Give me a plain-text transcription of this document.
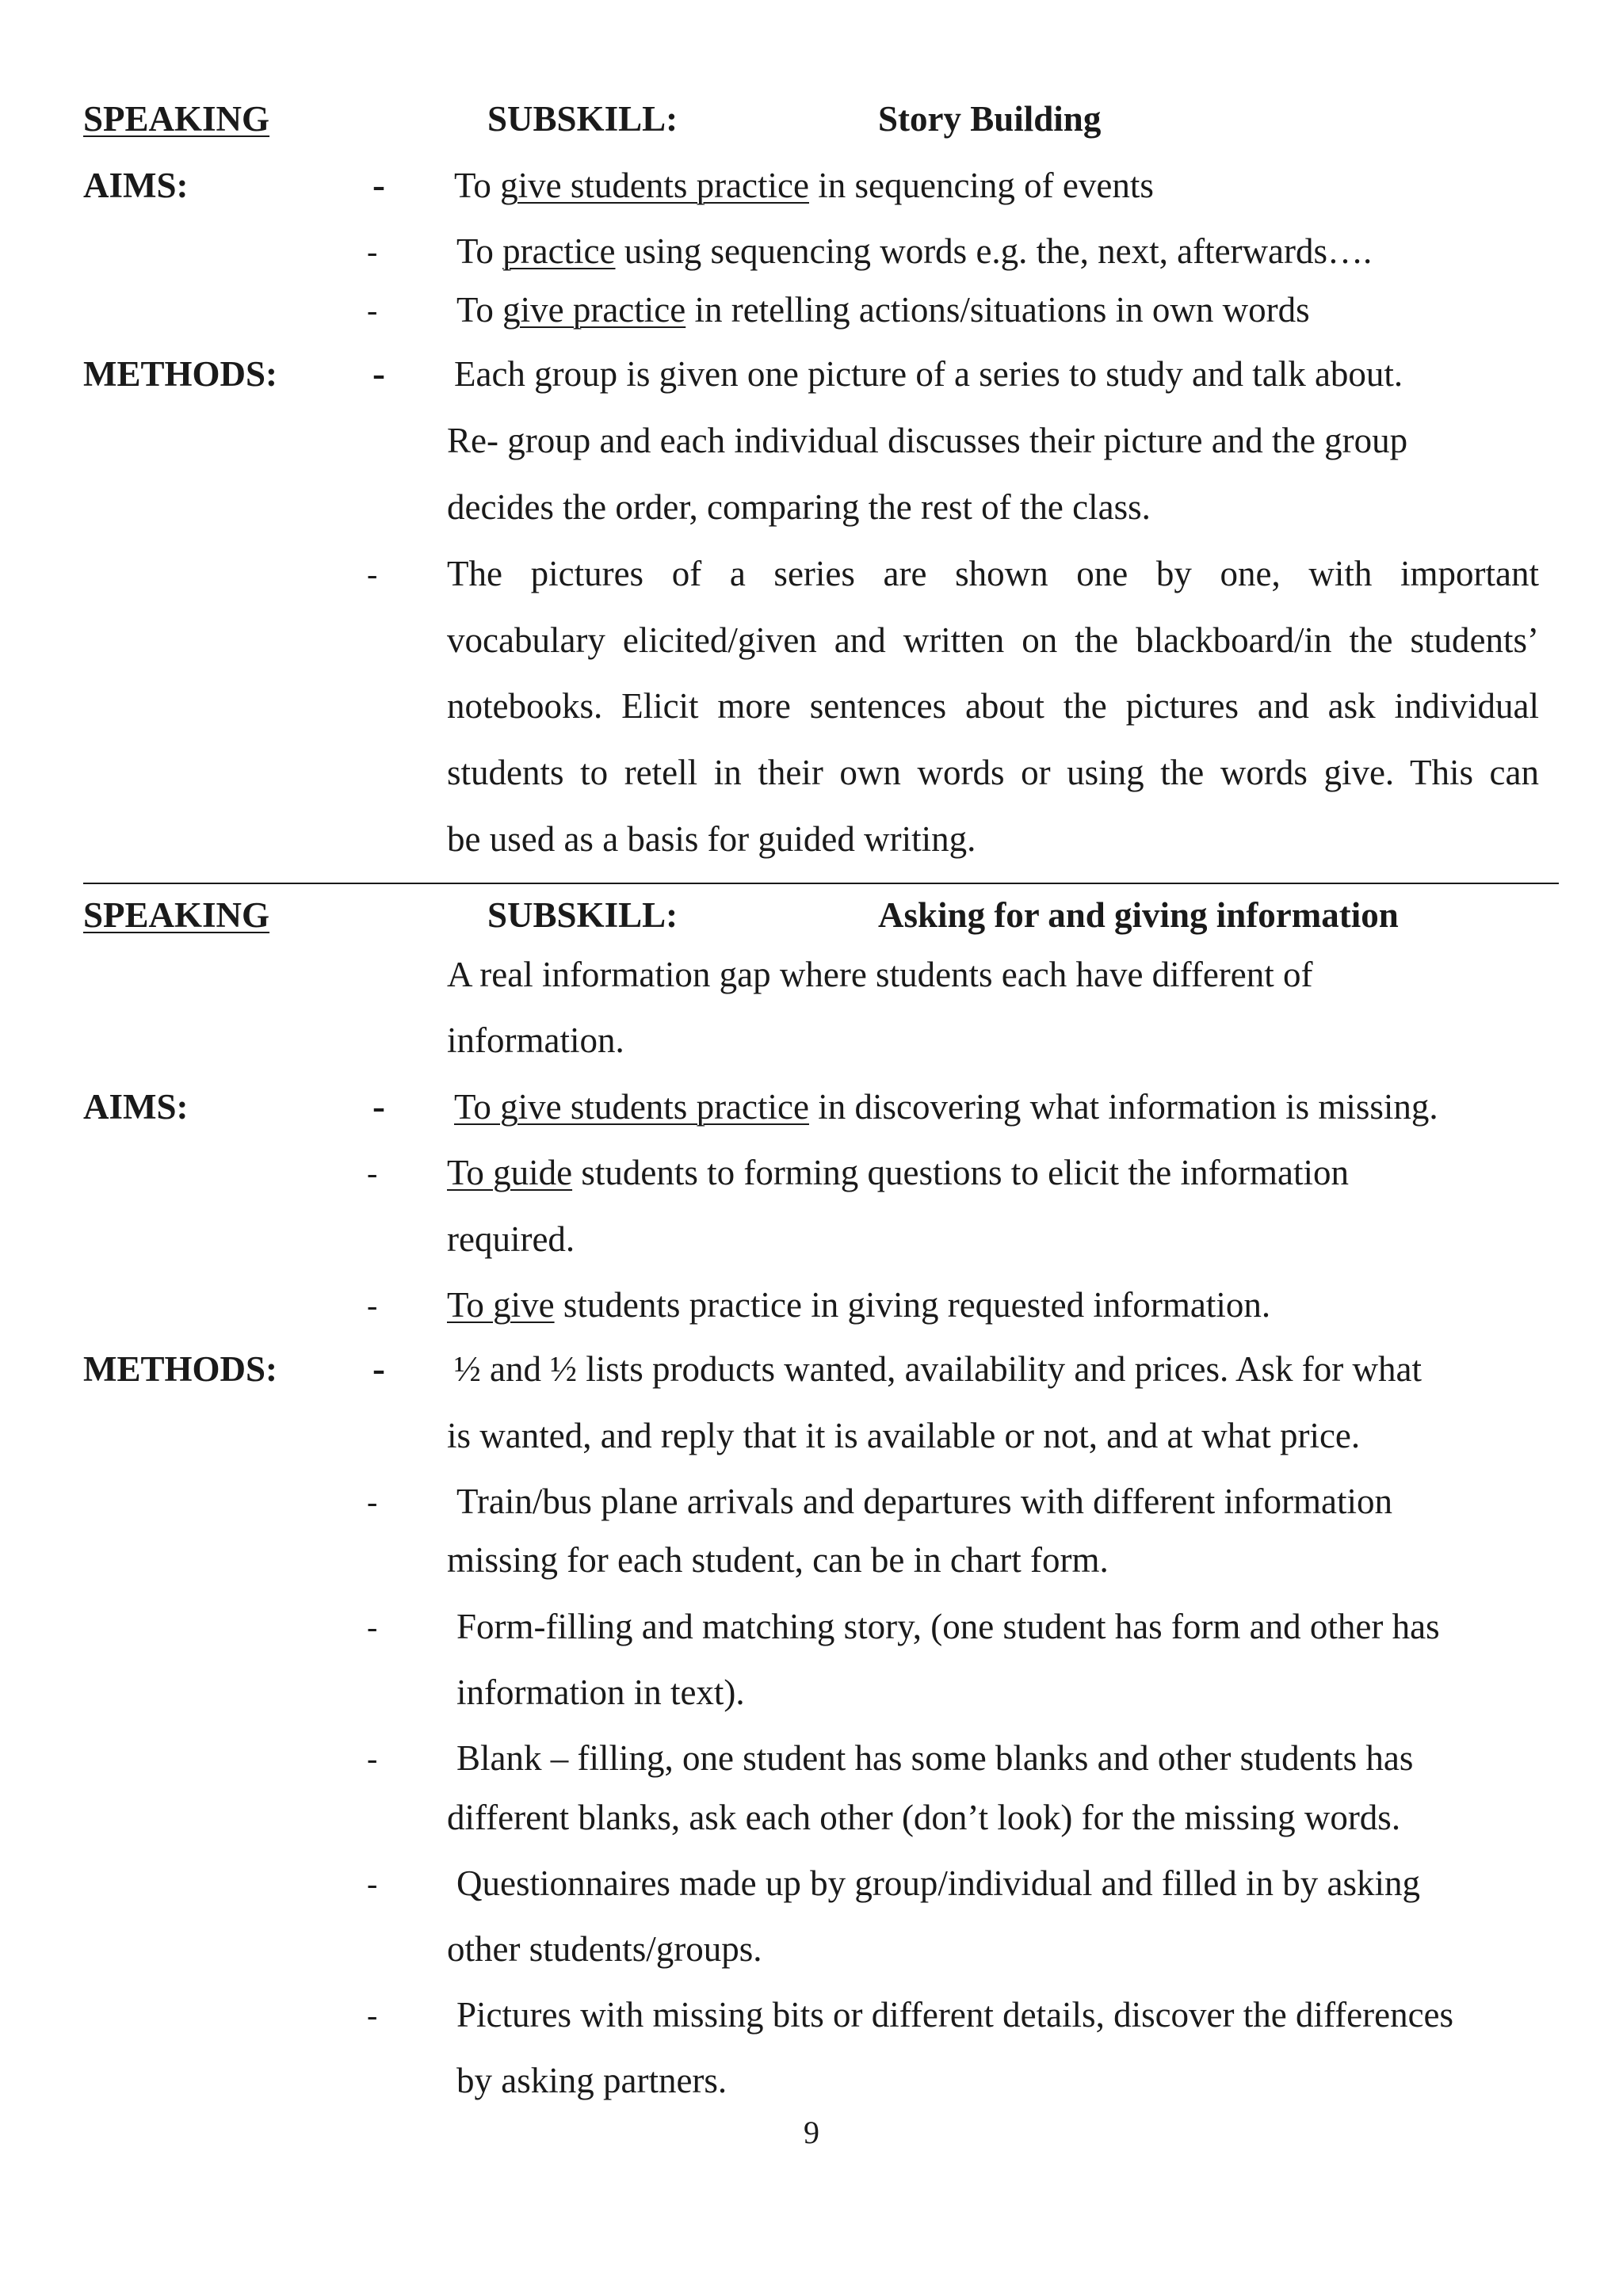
SPEAKING	SUBSKILL:	Story Building
AIMS:	- To give students practice in sequencing of events
- To practice using sequencing words e.g. the, next, afterwards….
- To give practice in retelling actions/situations in own words
METHODS: - Each group is given one picture of a series to study and talk about.
Re- group and each individual discusses their picture and the group
decides the order, comparing the rest of the class.
- The pictures of a series are shown one by one, with important
vocabulary elicited/given and written on the blackboard/in the students’
notebooks. Elicit more sentences about the pictures and ask individual
students to retell in their own words or using the words give. This can
be used as a basis for guided writing.
SPEAKING	SUBSKILL:	Asking for and giving information
A real information gap where students each have different of
information.
AIMS:	- To give students practice in discovering what information is missing.
- To guide students to forming questions to elicit the information
required.
- To give students practice in giving requested information.
METHODS: - ½ and ½ lists products wanted, availability and prices. Ask for what
is wanted, and reply that it is available or not, and at what price.
- Train/bus plane arrivals and departures with different information
missing for each student, can be in chart form.
- Form-filling and matching story, (one student has form and other has
information in text).
- Blank – filling, one student has some blanks and other students has
different blanks, ask each other (don’t look) for the missing words.
- Questionnaires made up by group/individual and filled in by asking
other students/groups.
- Pictures with missing bits or different details, discover the differences
by asking partners.
9
